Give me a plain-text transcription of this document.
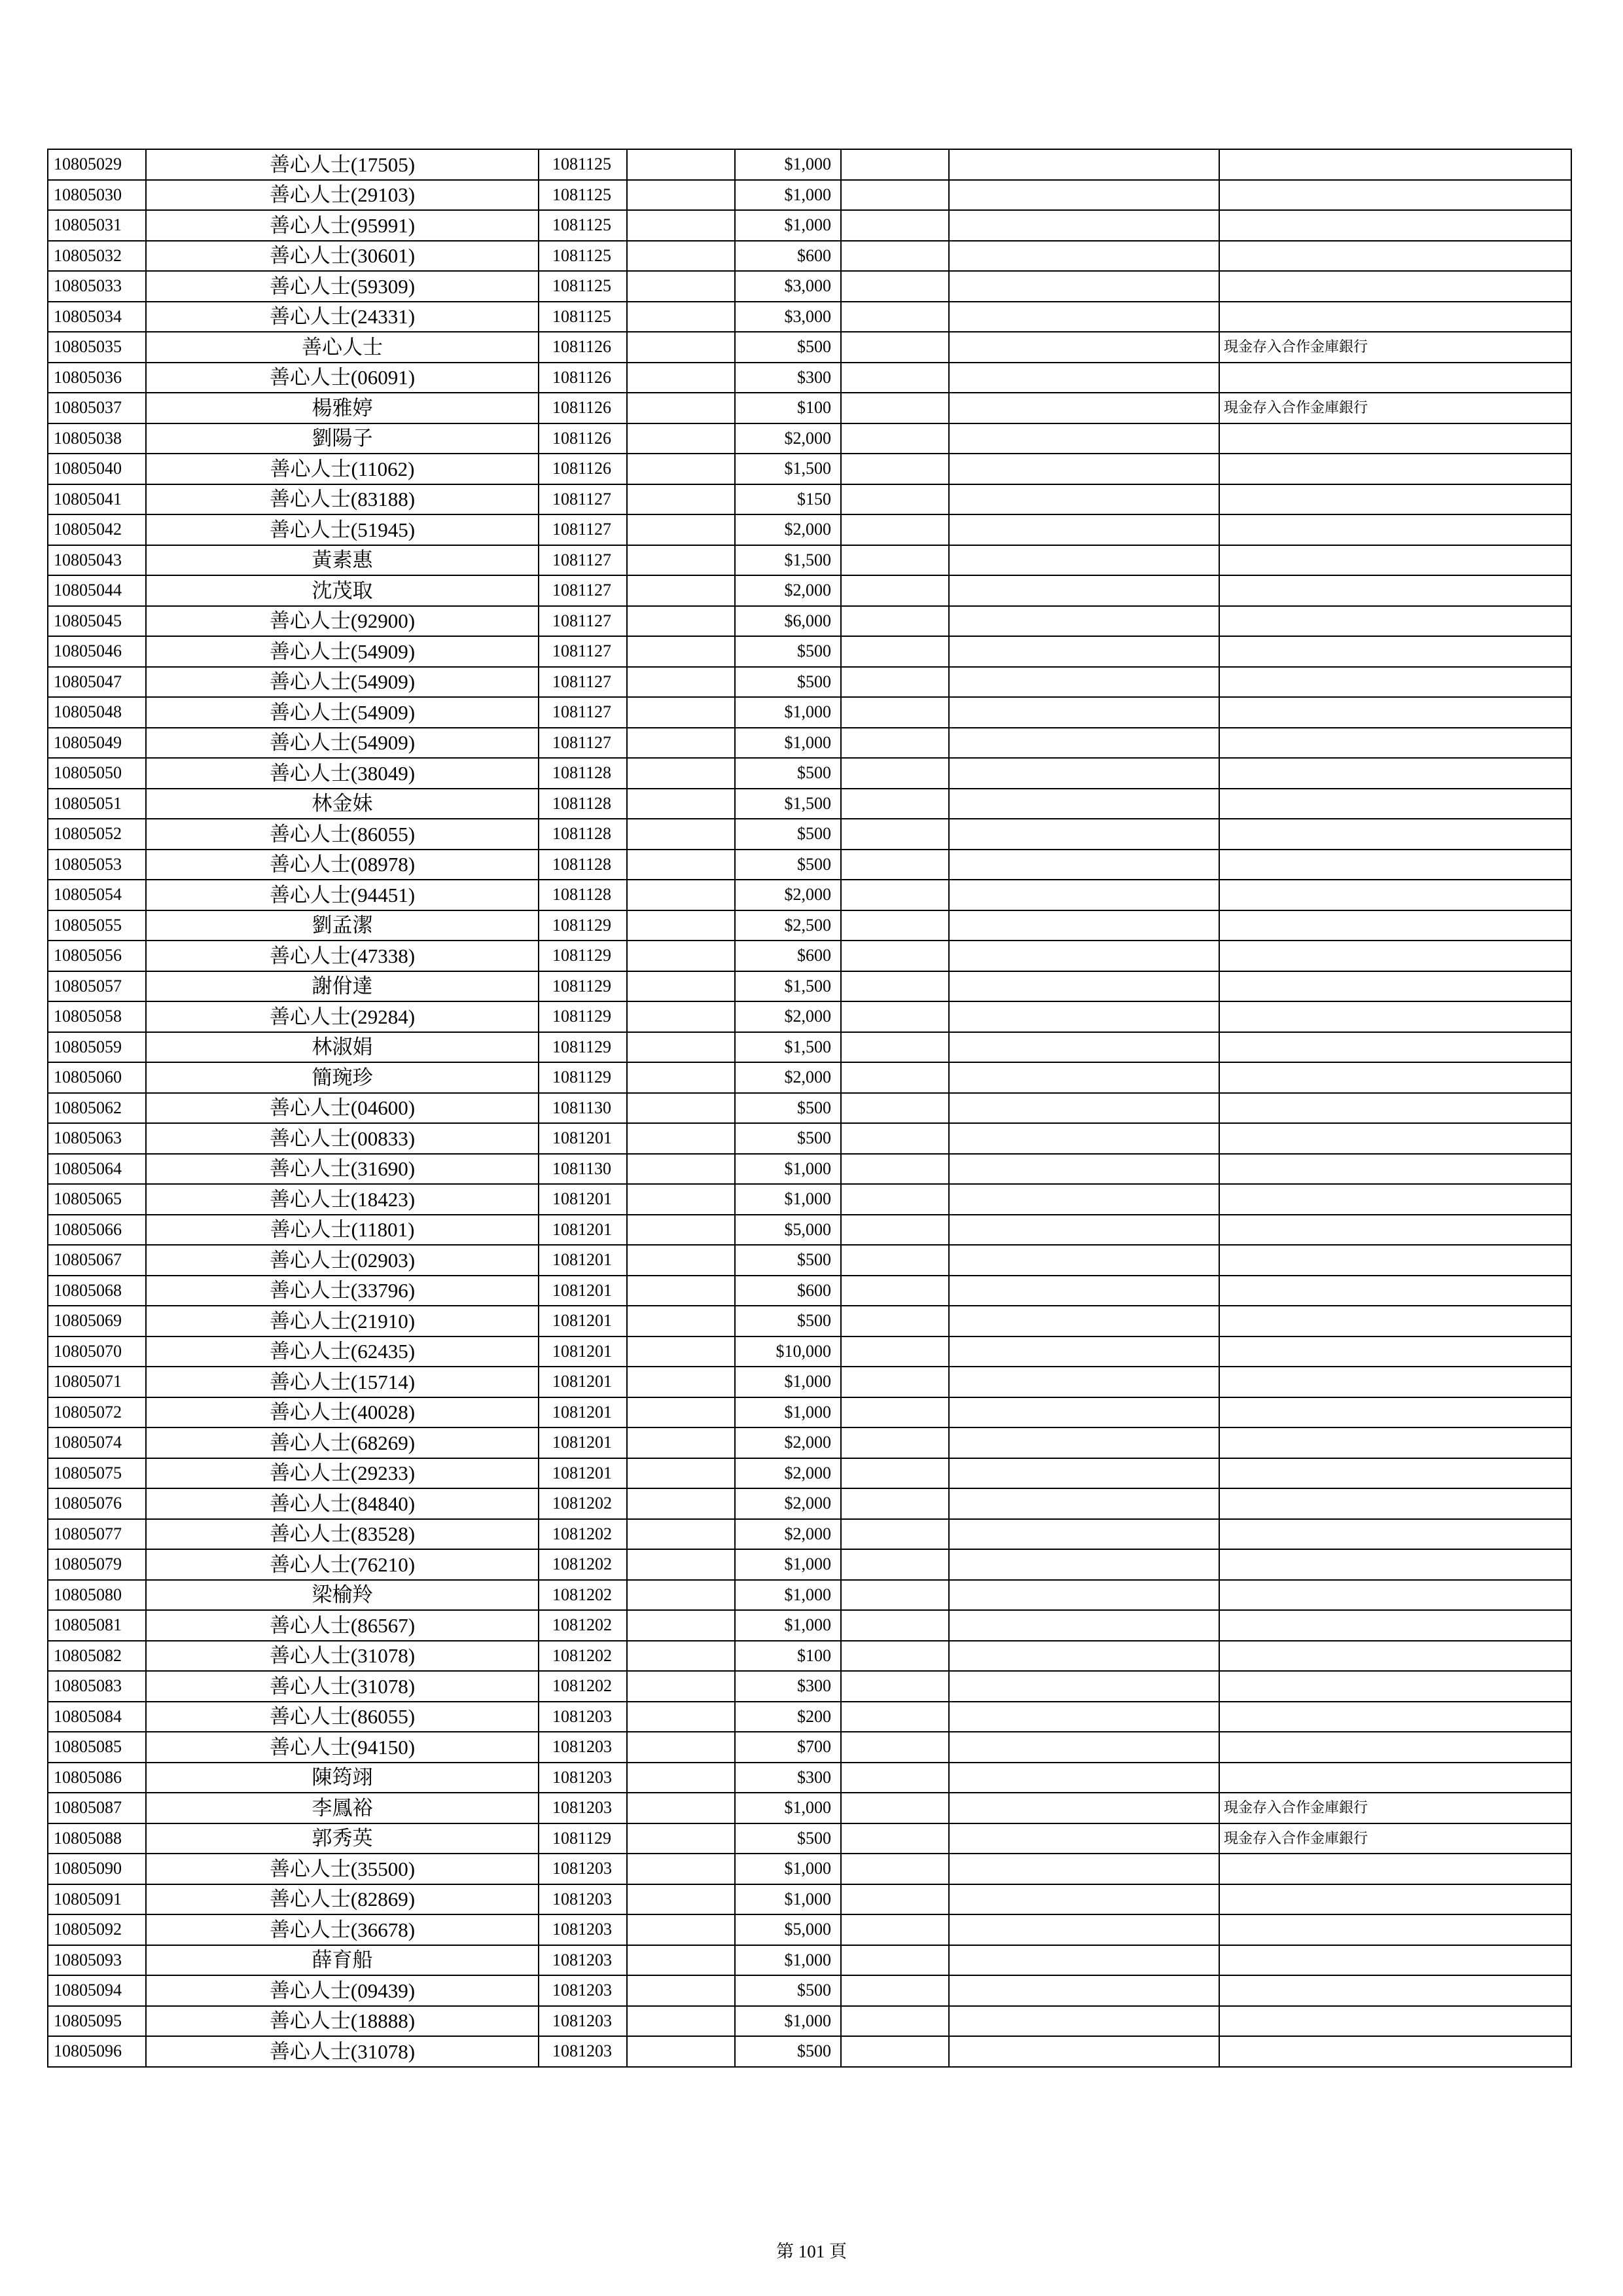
10805029	善心人士(17505)	1081125		$1,000			
10805030	善心人士(29103)	1081125		$1,000			
10805031	善心人士(95991)	1081125		$1,000			
10805032	善心人士(30601)	1081125		$600			
10805033	善心人士(59309)	1081125		$3,000			
10805034	善心人士(24331)	1081125		$3,000			
10805035	善心人士	1081126		$500			現金存入合作金庫銀行
10805036	善心人士(06091)	1081126		$300			
10805037	楊雅婷	1081126		$100			現金存入合作金庫銀行
10805038	劉陽子	1081126		$2,000			
10805040	善心人士(11062)	1081126		$1,500			
10805041	善心人士(83188)	1081127		$150			
10805042	善心人士(51945)	1081127		$2,000			
10805043	黃素惠	1081127		$1,500			
10805044	沈茂取	1081127		$2,000			
10805045	善心人士(92900)	1081127		$6,000			
10805046	善心人士(54909)	1081127		$500			
10805047	善心人士(54909)	1081127		$500			
10805048	善心人士(54909)	1081127		$1,000			
10805049	善心人士(54909)	1081127		$1,000			
10805050	善心人士(38049)	1081128		$500			
10805051	林金妹	1081128		$1,500			
10805052	善心人士(86055)	1081128		$500			
10805053	善心人士(08978)	1081128		$500			
10805054	善心人士(94451)	1081128		$2,000			
10805055	劉孟潔	1081129		$2,500			
10805056	善心人士(47338)	1081129		$600			
10805057	謝佾達	1081129		$1,500			
10805058	善心人士(29284)	1081129		$2,000			
10805059	林淑娟	1081129		$1,500			
10805060	簡琬珍	1081129		$2,000			
10805062	善心人士(04600)	1081130		$500			
10805063	善心人士(00833)	1081201		$500			
10805064	善心人士(31690)	1081130		$1,000			
10805065	善心人士(18423)	1081201		$1,000			
10805066	善心人士(11801)	1081201		$5,000			
10805067	善心人士(02903)	1081201		$500			
10805068	善心人士(33796)	1081201		$600			
10805069	善心人士(21910)	1081201		$500			
10805070	善心人士(62435)	1081201		$10,000			
10805071	善心人士(15714)	1081201		$1,000			
10805072	善心人士(40028)	1081201		$1,000			
10805074	善心人士(68269)	1081201		$2,000			
10805075	善心人士(29233)	1081201		$2,000			
10805076	善心人士(84840)	1081202		$2,000			
10805077	善心人士(83528)	1081202		$2,000			
10805079	善心人士(76210)	1081202		$1,000			
10805080	梁榆羚	1081202		$1,000			
10805081	善心人士(86567)	1081202		$1,000			
10805082	善心人士(31078)	1081202		$100			
10805083	善心人士(31078)	1081202		$300			
10805084	善心人士(86055)	1081203		$200			
10805085	善心人士(94150)	1081203		$700			
10805086	陳筠翊	1081203		$300			
10805087	李鳳裕	1081203		$1,000			現金存入合作金庫銀行
10805088	郭秀英	1081129		$500			現金存入合作金庫銀行
10805090	善心人士(35500)	1081203		$1,000			
10805091	善心人士(82869)	1081203		$1,000			
10805092	善心人士(36678)	1081203		$5,000			
10805093	薛育船	1081203		$1,000			
10805094	善心人士(09439)	1081203		$500			
10805095	善心人士(18888)	1081203		$1,000			
10805096	善心人士(31078)	1081203		$500			
第 101 頁
